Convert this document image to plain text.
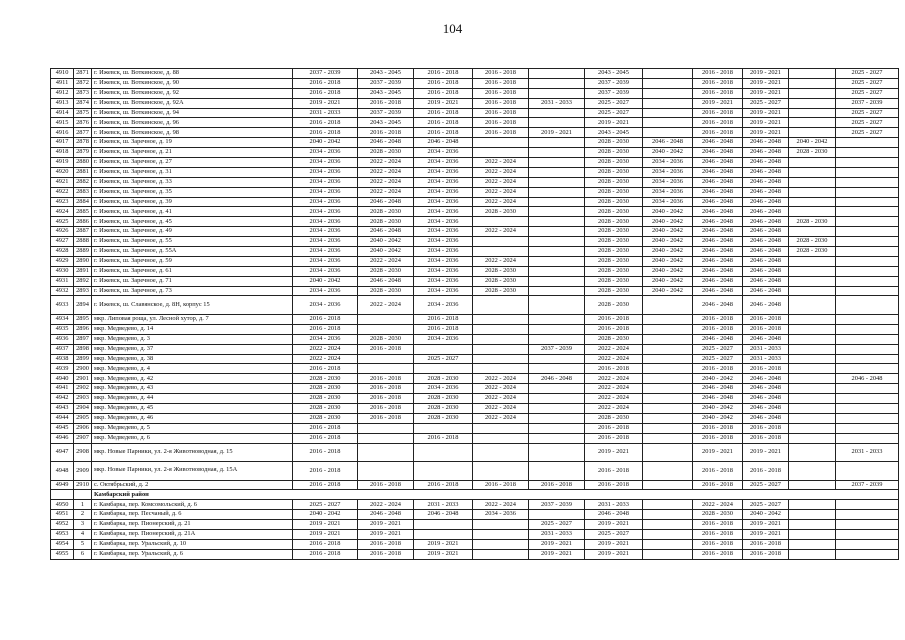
104
4910	2871	г. Ижевск, ш. Воткинское, д. 88	2037 - 2039	2043 - 2045	2016 - 2018	2016 - 2018		2043 - 2045		2016 - 2018	2019 - 2021		2025 - 2027
4911	2872	г. Ижевск, ш. Воткинское, д. 90	2016 - 2018	2037 - 2039	2016 - 2018	2016 - 2018		2037 - 2039		2016 - 2018	2019 - 2021		2025 - 2027
4912	2873	г. Ижевск, ш. Воткинское, д. 92	2016 - 2018	2043 - 2045	2016 - 2018	2016 - 2018		2037 - 2039		2016 - 2018	2019 - 2021		2025 - 2027
4913	2874	г. Ижевск, ш. Воткинское, д. 92А	2019 - 2021	2016 - 2018	2019 - 2021	2016 - 2018	2031 - 2033	2025 - 2027		2019 - 2021	2025 - 2027		2037 - 2039
4914	2875	г. Ижевск, ш. Воткинское, д. 94	2031 - 2033	2037 - 2039	2016 - 2018	2016 - 2018		2025 - 2027		2016 - 2018	2019 - 2021		2025 - 2027
4915	2876	г. Ижевск, ш. Воткинское, д. 96	2016 - 2018	2043 - 2045	2016 - 2018	2016 - 2018		2019 - 2021		2016 - 2018	2019 - 2021		2025 - 2027
4916	2877	г. Ижевск, ш. Воткинское, д. 98	2016 - 2018	2016 - 2018	2016 - 2018	2016 - 2018	2019 - 2021	2043 - 2045		2016 - 2018	2019 - 2021		2025 - 2027
4917	2878	г. Ижевск, ш. Заречное, д. 19	2040 - 2042	2046 - 2048	2046 - 2048			2028 - 2030	2046 - 2048	2046 - 2048	2046 - 2048	2040 - 2042	
4918	2879	г. Ижевск, ш. Заречное, д. 21	2034 - 2036	2028 - 2030	2034 - 2036			2028 - 2030	2040 - 2042	2046 - 2048	2046 - 2048	2028 - 2030	
4919	2880	г. Ижевск, ш. Заречное, д. 27	2034 - 2036	2022 - 2024	2034 - 2036	2022 - 2024		2028 - 2030	2034 - 2036	2046 - 2048	2046 - 2048		
4920	2881	г. Ижевск, ш. Заречное, д. 31	2034 - 2036	2022 - 2024	2034 - 2036	2022 - 2024		2028 - 2030	2034 - 2036	2046 - 2048	2046 - 2048		
4921	2882	г. Ижевск, ш. Заречное, д. 33	2034 - 2036	2022 - 2024	2034 - 2036	2022 - 2024		2028 - 2030	2034 - 2036	2046 - 2048	2046 - 2048		
4922	2883	г. Ижевск, ш. Заречное, д. 35	2034 - 2036	2022 - 2024	2034 - 2036	2022 - 2024		2028 - 2030	2034 - 2036	2046 - 2048	2046 - 2048		
4923	2884	г. Ижевск, ш. Заречное, д. 39	2034 - 2036	2046 - 2048	2034 - 2036	2022 - 2024		2028 - 2030	2034 - 2036	2046 - 2048	2046 - 2048		
4924	2885	г. Ижевск, ш. Заречное, д. 41	2034 - 2036	2028 - 2030	2034 - 2036	2028 - 2030		2028 - 2030	2040 - 2042	2046 - 2048	2046 - 2048		
4925	2886	г. Ижевск, ш. Заречное, д. 45	2034 - 2036	2028 - 2030	2034 - 2036			2028 - 2030	2040 - 2042	2046 - 2048	2046 - 2048	2028 - 2030	
4926	2887	г. Ижевск, ш. Заречное, д. 49	2034 - 2036	2046 - 2048	2034 - 2036	2022 - 2024		2028 - 2030	2040 - 2042	2046 - 2048	2046 - 2048		
4927	2888	г. Ижевск, ш. Заречное, д. 55	2034 - 2036	2040 - 2042	2034 - 2036			2028 - 2030	2040 - 2042	2046 - 2048	2046 - 2048	2028 - 2030	
4928	2889	г. Ижевск, ш. Заречное, д. 55А	2034 - 2036	2040 - 2042	2034 - 2036			2028 - 2030	2040 - 2042	2046 - 2048	2046 - 2048	2028 - 2030	
4929	2890	г. Ижевск, ш. Заречное, д. 59	2034 - 2036	2022 - 2024	2034 - 2036	2022 - 2024		2028 - 2030	2040 - 2042	2046 - 2048	2046 - 2048		
4930	2891	г. Ижевск, ш. Заречное, д. 61	2034 - 2036	2028 - 2030	2034 - 2036	2028 - 2030		2028 - 2030	2040 - 2042	2046 - 2048	2046 - 2048		
4931	2892	г. Ижевск, ш. Заречное, д. 71	2040 - 2042	2046 - 2048	2034 - 2036	2028 - 2030		2028 - 2030	2040 - 2042	2046 - 2048	2046 - 2048		
4932	2893	г. Ижевск, ш. Заречное, д. 73	2034 - 2036	2028 - 2030	2034 - 2036	2028 - 2030		2028 - 2030	2040 - 2042	2046 - 2048	2046 - 2048		
4933	2894	г. Ижевск, ш. Славянское, д. 8Н, корпус 15	2034 - 2036	2022 - 2024	2034 - 2036			2028 - 2030		2046 - 2048	2046 - 2048		
4934	2895	мкр. Липовая роща, ул. Лесной хутор, д. 7	2016 - 2018		2016 - 2018			2016 - 2018		2016 - 2018	2016 - 2018		
4935	2896	мкр. Медведево, д. 14	2016 - 2018		2016 - 2018			2016 - 2018		2016 - 2018	2016 - 2018		
4936	2897	мкр. Медведево, д. 3	2034 - 2036	2028 - 2030	2034 - 2036			2028 - 2030		2046 - 2048	2046 - 2048		
4937	2898	мкр. Медведево, д. 37	2022 - 2024	2016 - 2018			2037 - 2039	2022 - 2024		2025 - 2027	2031 - 2033		
4938	2899	мкр. Медведево, д. 38	2022 - 2024		2025 - 2027			2022 - 2024		2025 - 2027	2031 - 2033		
4939	2900	мкр. Медведево, д. 4	2016 - 2018					2016 - 2018		2016 - 2018	2016 - 2018		
4940	2901	мкр. Медведево, д. 42	2028 - 2030	2016 - 2018	2028 - 2030	2022 - 2024	2046 - 2048	2022 - 2024		2040 - 2042	2046 - 2048		2046 - 2048
4941	2902	мкр. Медведево, д. 43	2028 - 2030	2016 - 2018	2034 - 2036	2022 - 2024		2022 - 2024		2046 - 2048	2046 - 2048		
4942	2903	мкр. Медведево, д. 44	2028 - 2030	2016 - 2018	2028 - 2030	2022 - 2024		2022 - 2024		2046 - 2048	2046 - 2048		
4943	2904	мкр. Медведево, д. 45	2028 - 2030	2016 - 2018	2028 - 2030	2022 - 2024		2022 - 2024		2040 - 2042	2046 - 2048		
4944	2905	мкр. Медведево, д. 46	2028 - 2030	2016 - 2018	2028 - 2030	2022 - 2024		2028 - 2030		2040 - 2042	2046 - 2048		
4945	2906	мкр. Медведево, д. 5	2016 - 2018					2016 - 2018		2016 - 2018	2016 - 2018		
4946	2907	мкр. Медведево, д. 6	2016 - 2018		2016 - 2018			2016 - 2018		2016 - 2018	2016 - 2018		
4947	2908	мкр. Новые Парники, ул. 2-я Животноводная, д. 15	2016 - 2018					2019 - 2021		2019 - 2021	2019 - 2021		2031 - 2033
4948	2909	мкр. Новые Парники, ул. 2-я Животноводная, д. 15А	2016 - 2018					2016 - 2018		2016 - 2018	2016 - 2018		
4949	2910	с. Октябрьский, д. 2	2016 - 2018	2016 - 2018	2016 - 2018	2016 - 2018	2016 - 2018	2016 - 2018		2016 - 2018	2025 - 2027		2037 - 2039
		Камбарский район											
4950	1	г. Камбарка, пер. Комсомольский, д. 6	2025 - 2027	2022 - 2024	2031 - 2033	2022 - 2024	2037 - 2039	2031 - 2033		2022 - 2024	2025 - 2027		
4951	2	г. Камбарка, пер. Песчаный, д. 6	2040 - 2042	2046 - 2048	2046 - 2048	2034 - 2036		2046 - 2048		2028 - 2030	2040 - 2042		
4952	3	г. Камбарка, пер. Пионерский, д. 21	2019 - 2021	2019 - 2021			2025 - 2027	2019 - 2021		2016 - 2018	2019 - 2021		
4953	4	г. Камбарка, пер. Пионерский, д. 21А	2019 - 2021	2019 - 2021			2031 - 2033	2025 - 2027		2016 - 2018	2019 - 2021		
4954	5	г. Камбарка, пер. Уральский, д. 10	2016 - 2018	2016 - 2018	2019 - 2021		2019 - 2021	2019 - 2021		2016 - 2018	2016 - 2018		
4955	6	г. Камбарка, пер. Уральский, д. 6	2016 - 2018	2016 - 2018	2019 - 2021		2019 - 2021	2019 - 2021		2016 - 2018	2016 - 2018		
